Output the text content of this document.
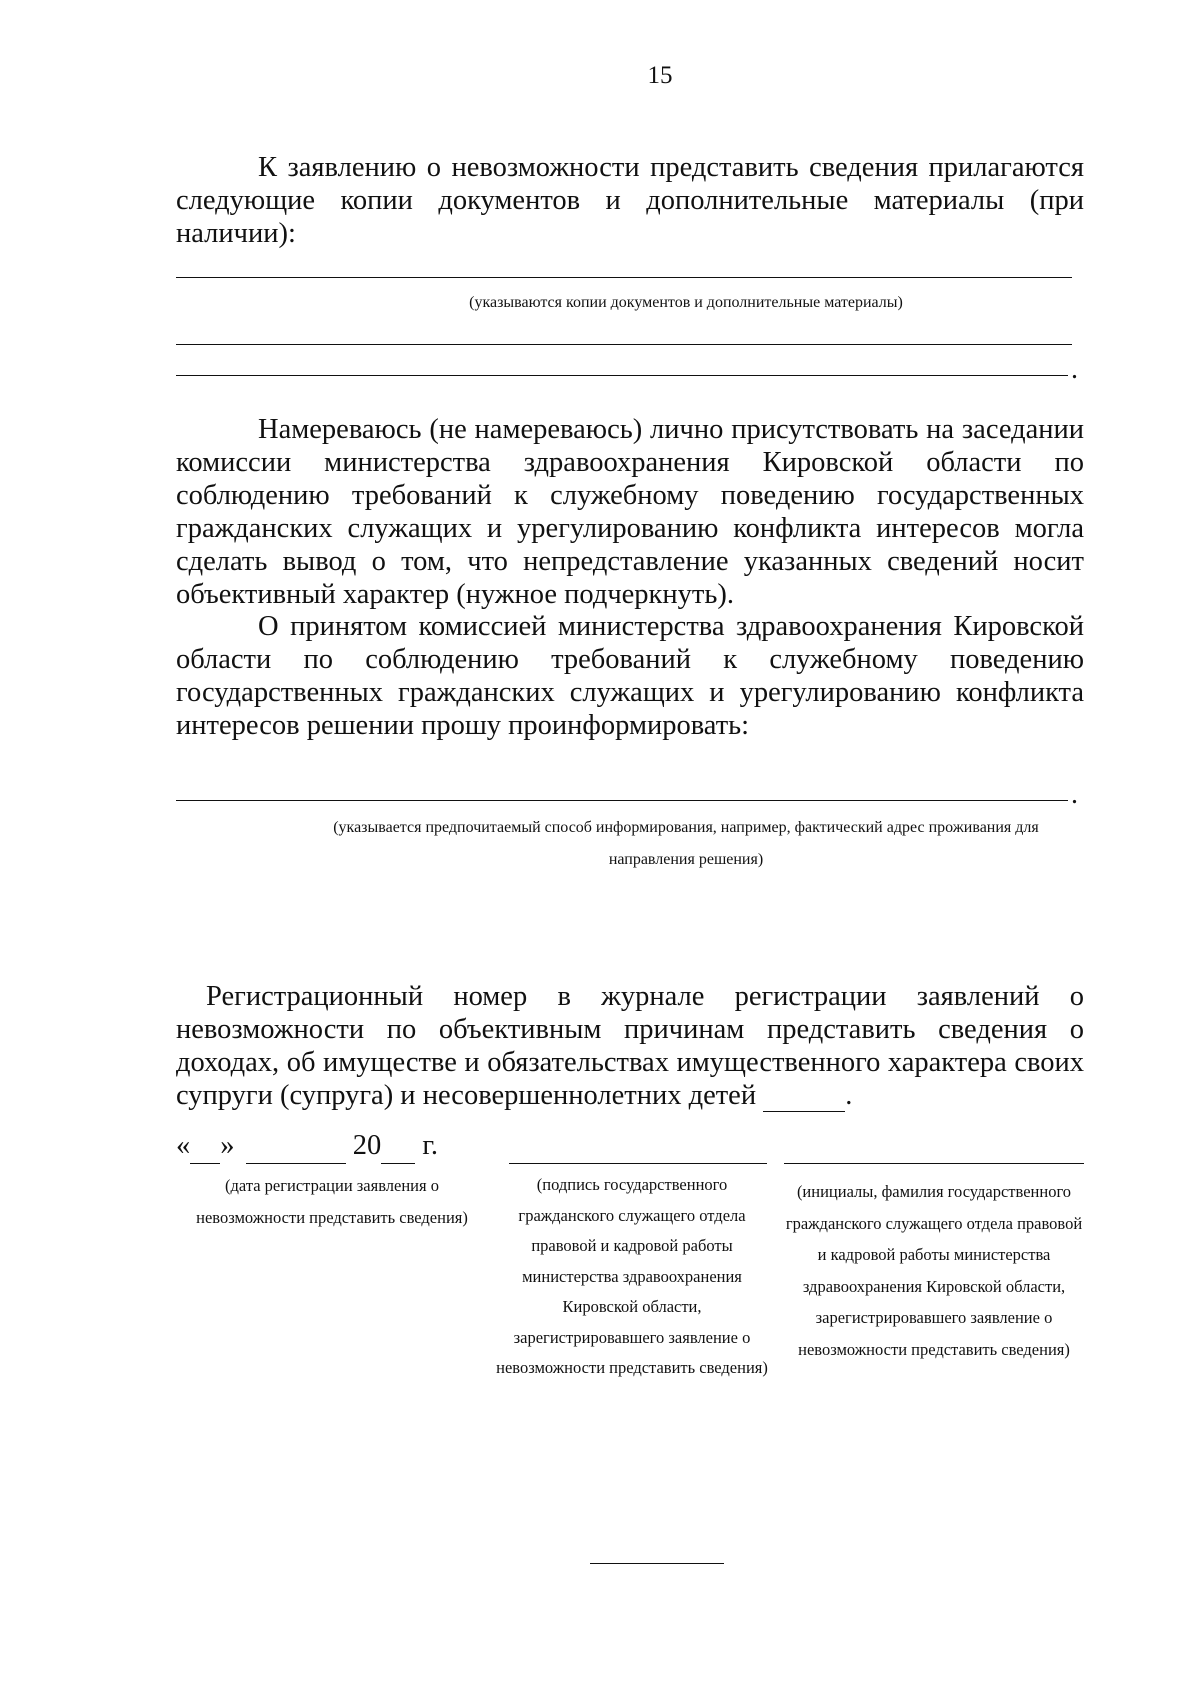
15
К заявлению о невозможности представить сведения прилагаются следующие копии документов и дополнительные материалы (при наличии):
(указываются копии документов и дополнительные материалы)
.
Намереваюсь (не намереваюсь) лично присутствовать на заседании комиссии министерства здравоохранения Кировской области по соблюдению требований к служебному поведению государственных гражданских служащих и урегулированию конфликта интересов могла сделать вывод о том, что непредставление указанных сведений носит объективный характер (нужное подчеркнуть).
О принятом комиссией министерства здравоохранения Кировской области по соблюдению требований к служебному поведению государственных гражданских служащих и урегулированию конфликта интересов решении прошу проинформировать:
.
(указывается предпочитаемый способ информирования, например, фактический адрес проживания для
направления решения)
Регистрационный номер в журнале регистрации заявлений о невозможности по объективным причинам представить сведения о доходах, об имуществе и обязательствах имущественного характера своих супруги (супруга) и несовершеннолетних детей	.
« »	20 г.
(дата регистрации заявления о невозможности представить сведения)
(подпись государственного гражданского служащего отдела правовой и кадровой работы министерства здравоохранения Кировской области, зарегистрировавшего заявление о невозможности представить сведения)
(инициалы, фамилия государственного гражданского служащего отдела правовой и кадровой работы министерства здравоохранения Кировской области, зарегистрировавшего заявление о невозможности представить сведения)
